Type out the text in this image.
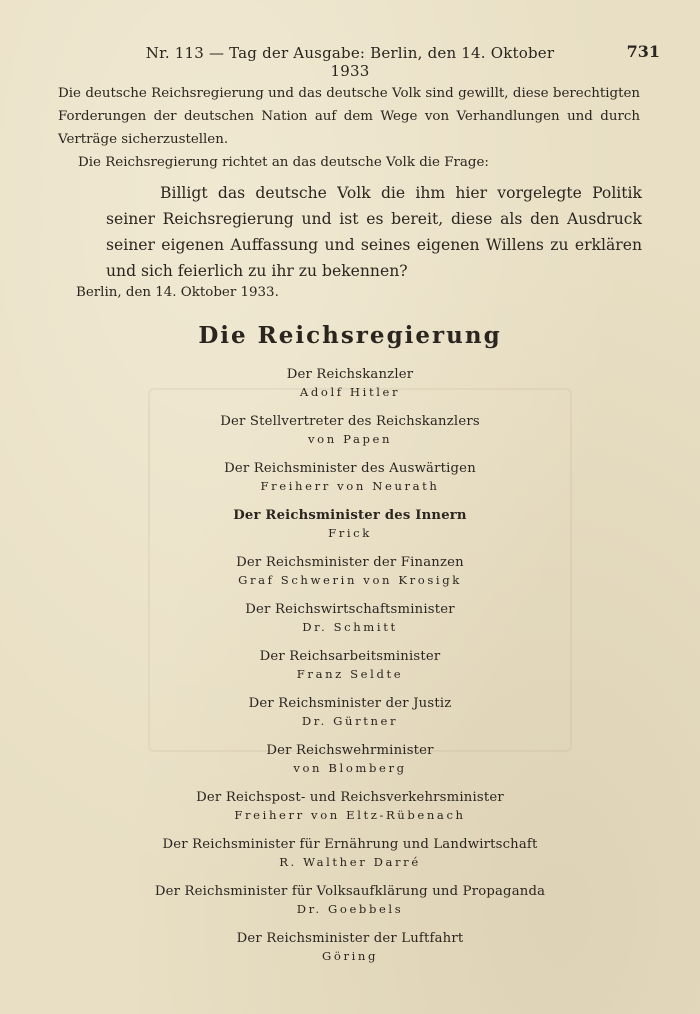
Nr. 113 — Tag der Ausgabe: Berlin, den 14. Oktober 1933
731

Die deutsche Reichsregierung und das deutsche Volk sind gewillt, diese berechtigten Forderungen der deutschen Nation auf dem Wege von Verhandlungen und durch Verträge sicherzustellen.

Die Reichsregierung richtet an das deutsche Volk die Frage:

Billigt das deutsche Volk die ihm hier vorgelegte Politik seiner Reichsregierung und ist es bereit, diese als den Ausdruck seiner eigenen Auffassung und seines eigenen Willens zu erklären und sich feierlich zu ihr zu bekennen?
Berlin, den 14. Oktober 1933.
Die Reichsregierung
Der Reichskanzler
Adolf Hitler
Der Stellvertreter des Reichskanzlers
von Papen
Der Reichsminister des Auswärtigen
Freiherr von Neurath
Der Reichsminister des Innern
Frick
Der Reichsminister der Finanzen
Graf Schwerin von Krosigk
Der Reichswirtschaftsminister
Dr. Schmitt
Der Reichsarbeitsminister
Franz Seldte
Der Reichsminister der Justiz
Dr. Gürtner
Der Reichswehrminister
von Blomberg
Der Reichspost- und Reichsverkehrsminister
Freiherr von Eltz-Rübenach
Der Reichsminister für Ernährung und Landwirtschaft
R. Walther Darré
Der Reichsminister für Volksaufklärung und Propaganda
Dr. Goebbels
Der Reichsminister der Luftfahrt
Göring
